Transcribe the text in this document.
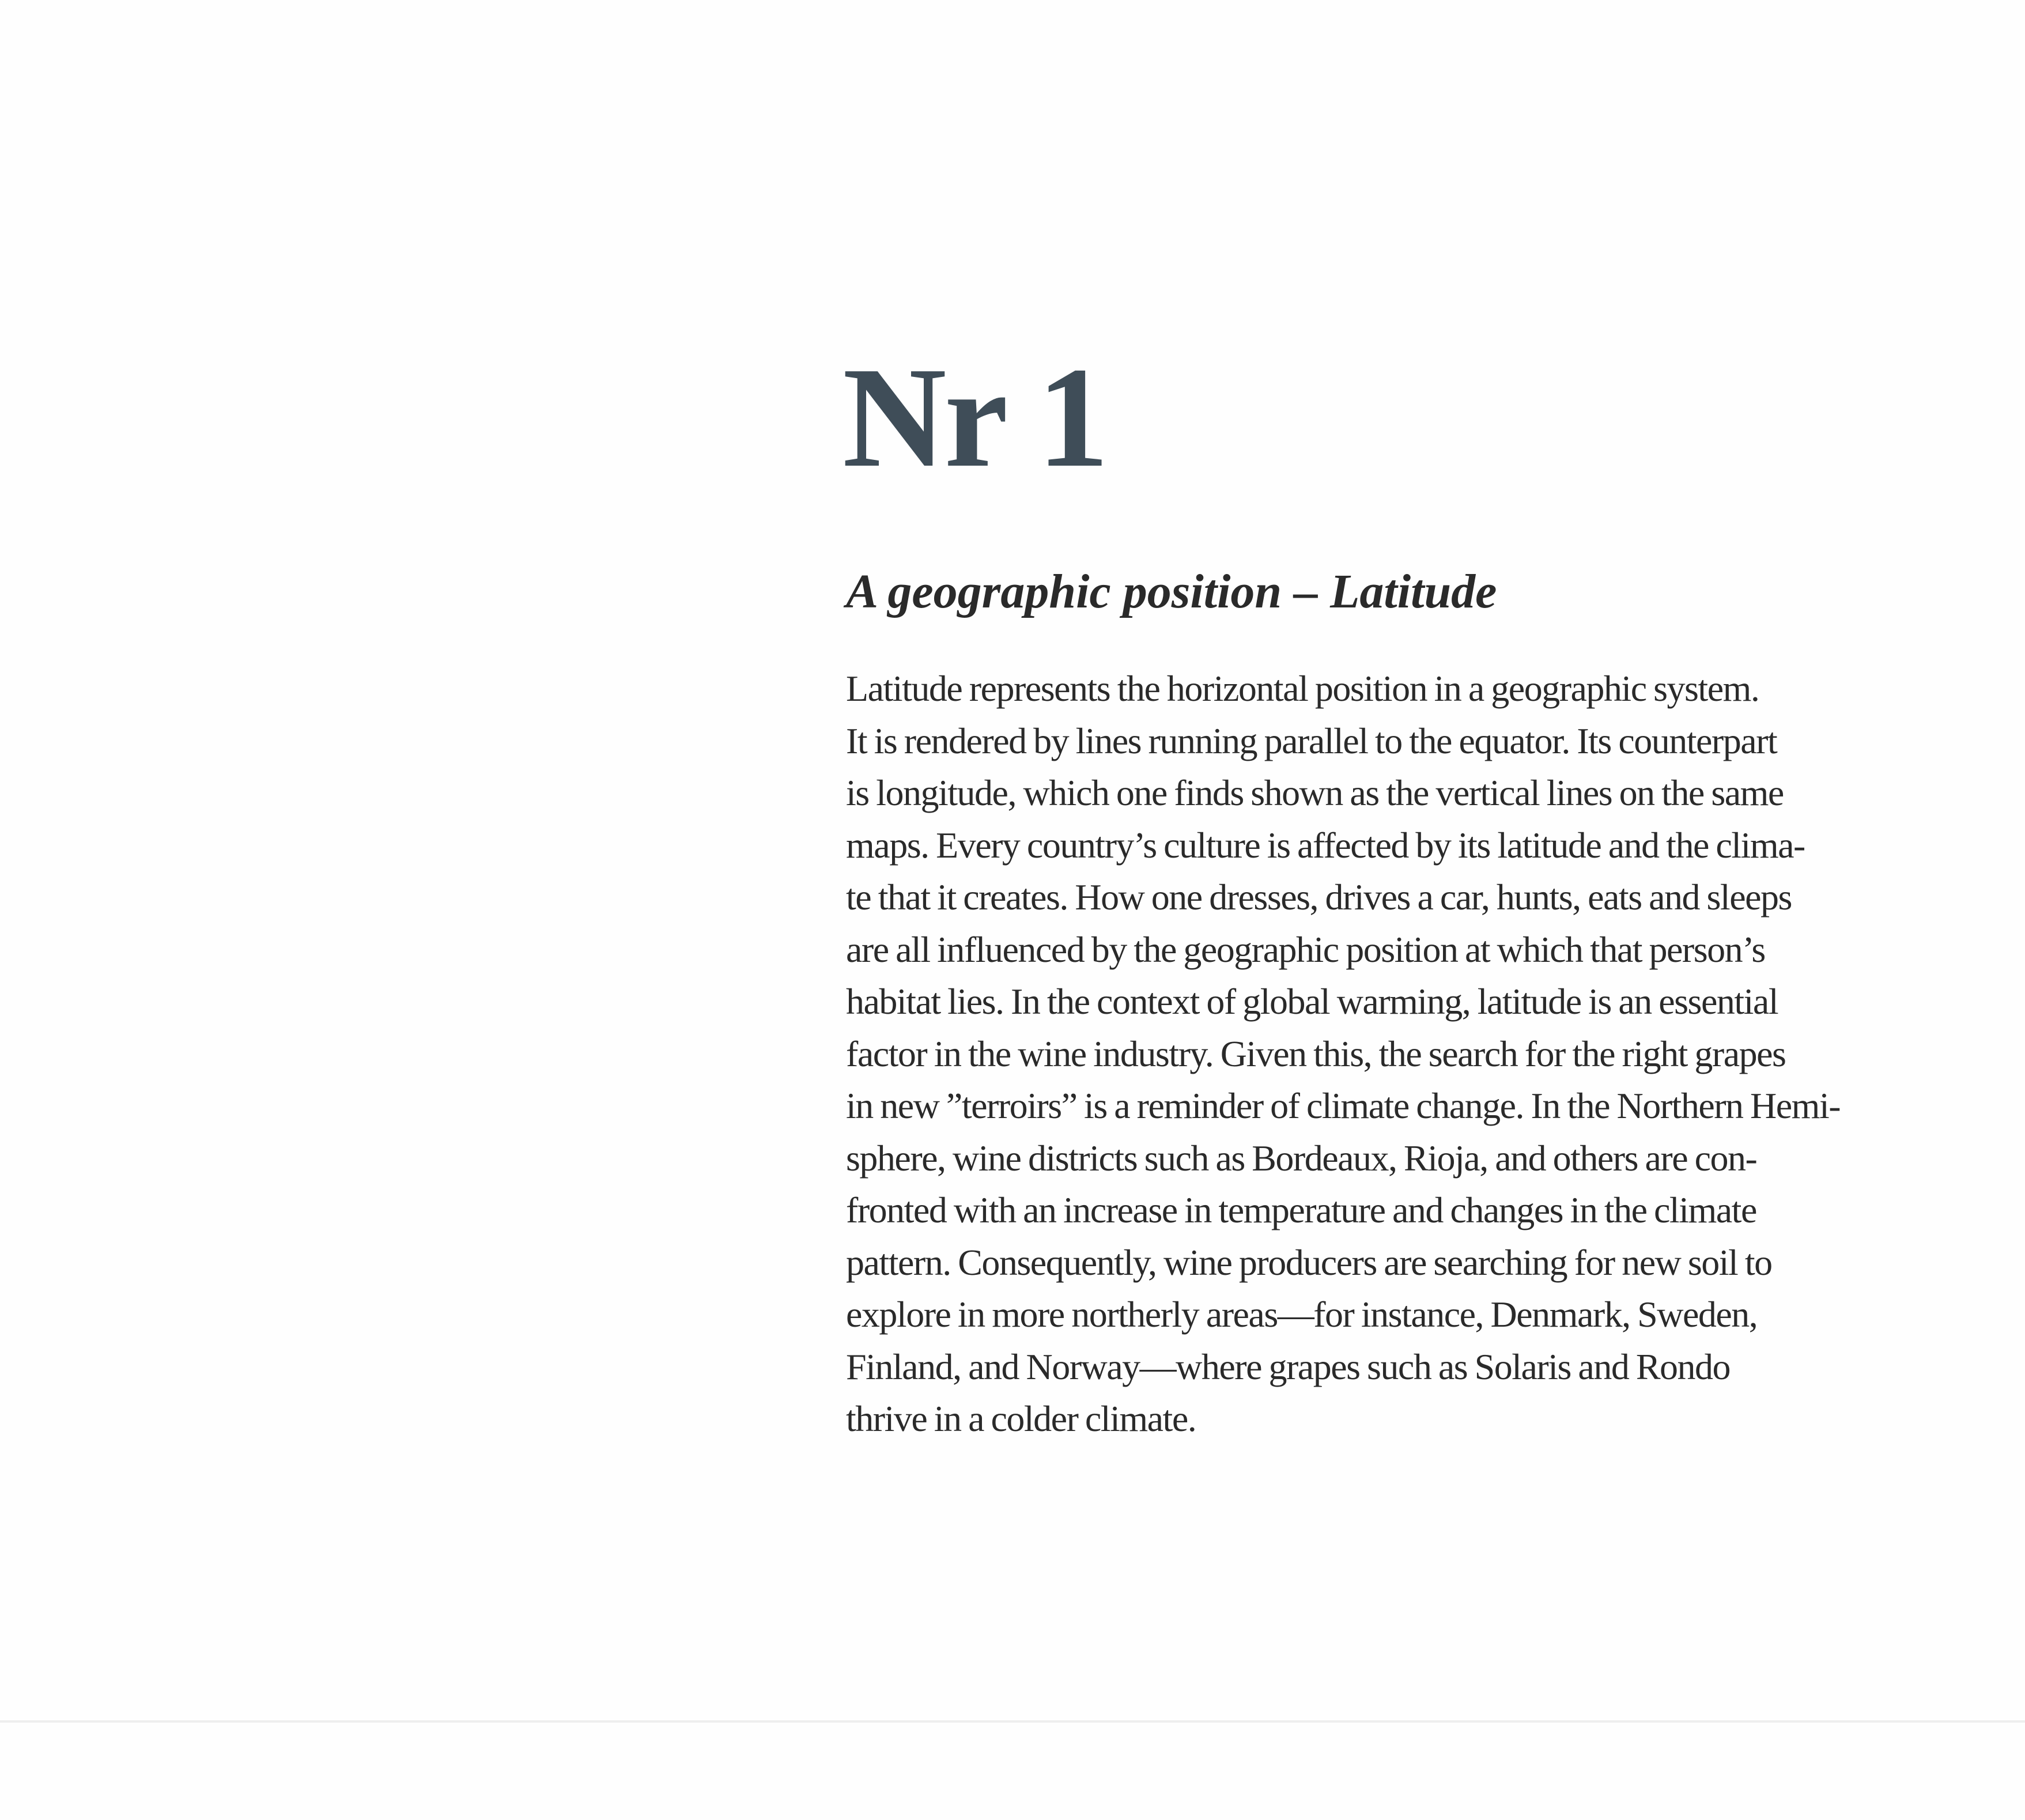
Nr 1
A geographic position – Latitude

Latitude represents the horizontal position in a geographic system.
It is rendered by lines running parallel to the equator. Its counterpart
is longitude, which one finds shown as the vertical lines on the same
maps. Every country’s culture is affected by its latitude and the clima-
te that it creates. How one dresses, drives a car, hunts, eats and sleeps
are all influenced by the geographic position at which that person’s
habitat lies. In the context of global warming, latitude is an essential
factor in the wine industry. Given this, the search for the right grapes
in new ”terroirs” is a reminder of climate change. In the Northern Hemi-
sphere, wine districts such as Bordeaux, Rioja, and others are con-
fronted with an increase in temperature and changes in the climate
pattern. Consequently, wine producers are searching for new soil to
explore in more northerly areas—for instance, Denmark, Sweden,
Finland, and Norway—where grapes such as Solaris and Rondo
thrive in a colder climate.
